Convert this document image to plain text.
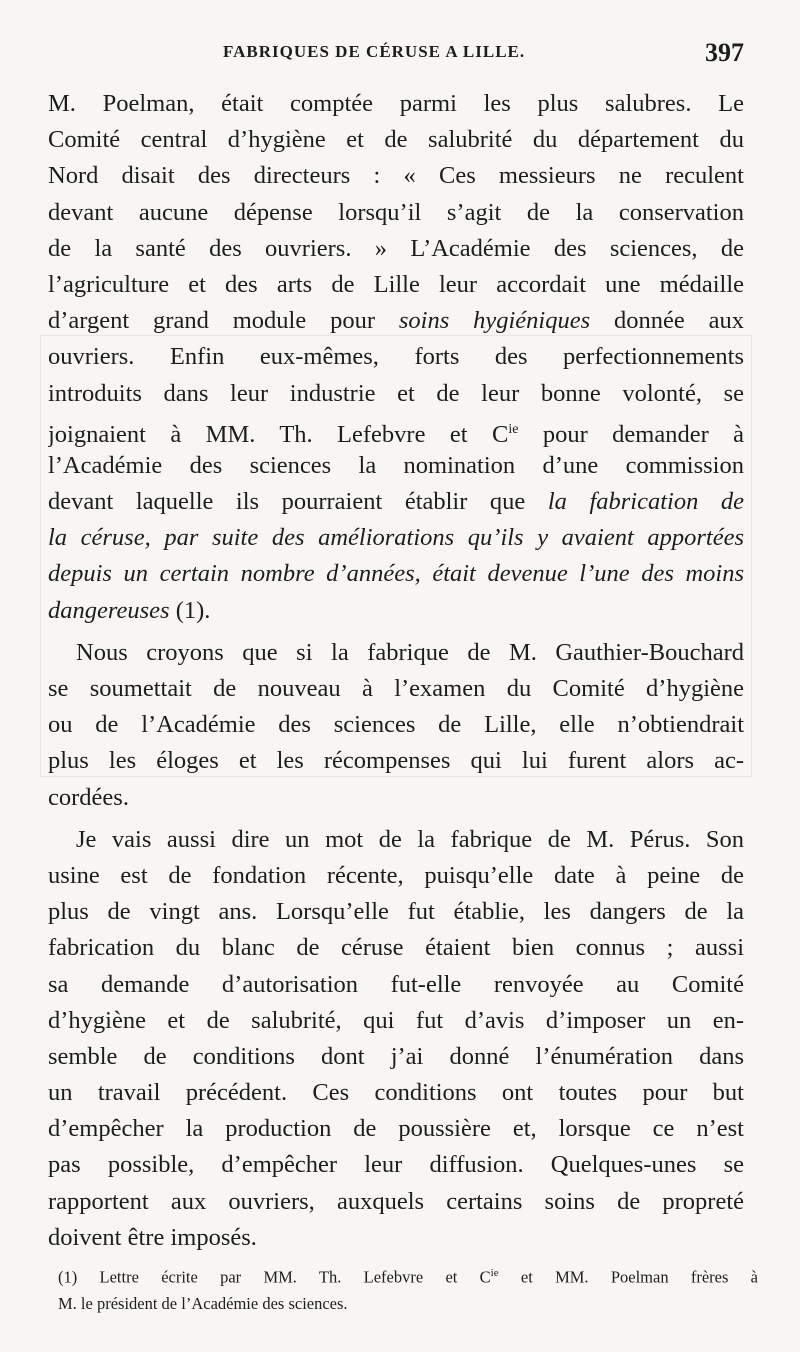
FABRIQUES DE CÉRUSE A LILLE.	397
M. Poelman, était comptée parmi les plus salubres. Le
Comité central d’hygiène et de salubrité du département du
Nord disait des directeurs : « Ces messieurs ne reculent
devant aucune dépense lorsqu’il s’agit de la conservation
de la santé des ouvriers. » L’Académie des sciences, de
l’agriculture et des arts de Lille leur accordait une médaille
d’argent grand module pour soins hygiéniques donnée aux
ouvriers. Enfin eux-mêmes, forts des perfectionnements
introduits dans leur industrie et de leur bonne volonté, se
joignaient à MM. Th. Lefebvre et $C^{ie}$ pour demander à
l’Académie des sciences la nomination d’une commission
devant laquelle ils pourraient établir que la fabrication de
la céruse, par suite des améliorations qu’ils y avaient apportées
depuis un certain nombre d’années, était devenue l’une des moins
dangereuses (1).
Nous croyons que si la fabrique de M. Gauthier-Bouchard
se soumettait de nouveau à l’examen du Comité d’hygiène
ou de l’Académie des sciences de Lille, elle n’obtiendrait
plus les éloges et les récompenses qui lui furent alors ac-
cordées.
Je vais aussi dire un mot de la fabrique de M. Pérus. Son
usine est de fondation récente, puisqu’elle date à peine de
plus de vingt ans. Lorsqu’elle fut établie, les dangers de la
fabrication du blanc de céruse étaient bien connus ; aussi
sa demande d’autorisation fut-elle renvoyée au Comité
d’hygiène et de salubrité, qui fut d’avis d’imposer un en-
semble de conditions dont j’ai donné l’énumération dans
un travail précédent. Ces conditions ont toutes pour but
d’empêcher la production de poussière et, lorsque ce n’est
pas possible, d’empêcher leur diffusion. Quelques-unes se
rapportent aux ouvriers, auxquels certains soins de propreté
doivent être imposés.
(1) Lettre écrite par MM. Th. Lefebvre et $C^{ie}$ et MM. Poelman frères à
M. le président de l’Académie des sciences.
